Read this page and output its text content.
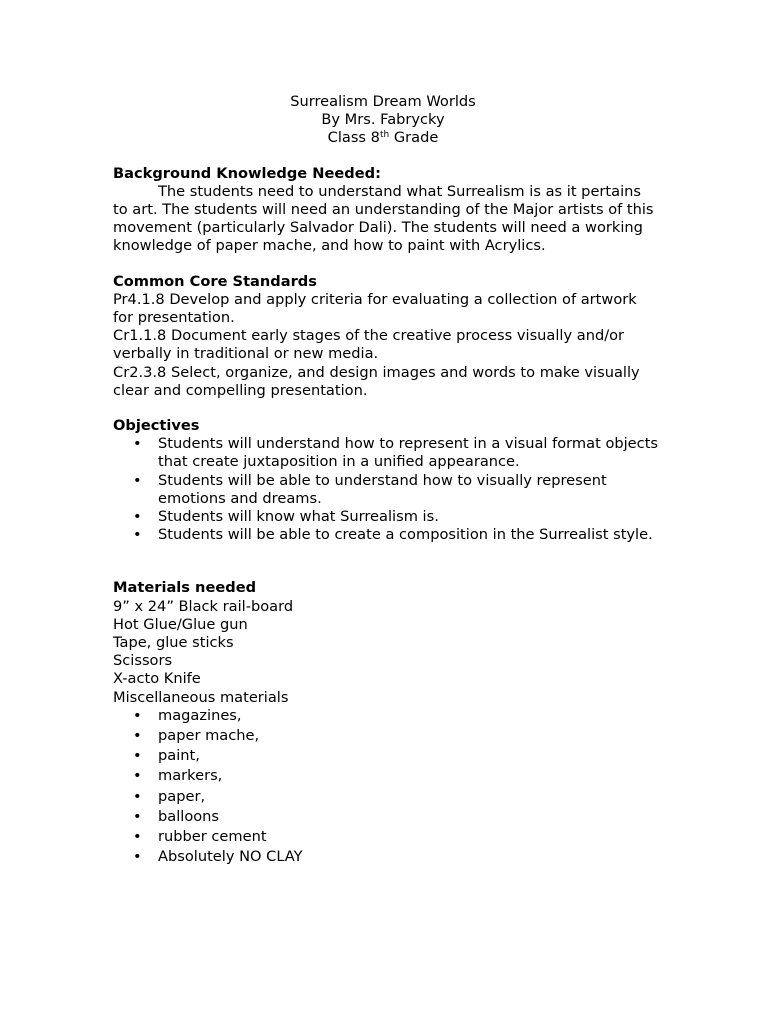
Surrealism Dream Worlds
By Mrs. Fabrycky
Class 8th Grade
Background Knowledge Needed:

The students need to understand what Surrealism is as it pertains to art. The students will need an understanding of the Major artists of this movement (particularly Salvador Dali). The students will need a working knowledge of paper mache, and how to paint with Acrylics.

Common Core Standards

Pr4.1.8 Develop and apply criteria for evaluating a collection of artwork for presentation.

Cr1.1.8 Document early stages of the creative process visually and/or verbally in traditional or new media.

Cr2.3.8 Select, organize, and design images and words to make visually clear and compelling presentation.

Objectives
• Students will understand how to represent in a visual format objects that create juxtaposition in a unified appearance.
• Students will be able to understand how to visually represent emotions and dreams.
• Students will know what Surrealism is.
• Students will be able to create a composition in the Surrealist style.
Materials needed
9” x 24” Black rail-board
Hot Glue/Glue gun
Tape, glue sticks
Scissors
X-acto Knife
Miscellaneous materials
• magazines,
• paper mache,
• paint,
• markers,
• paper,
• balloons
• rubber cement
• Absolutely NO CLAY
